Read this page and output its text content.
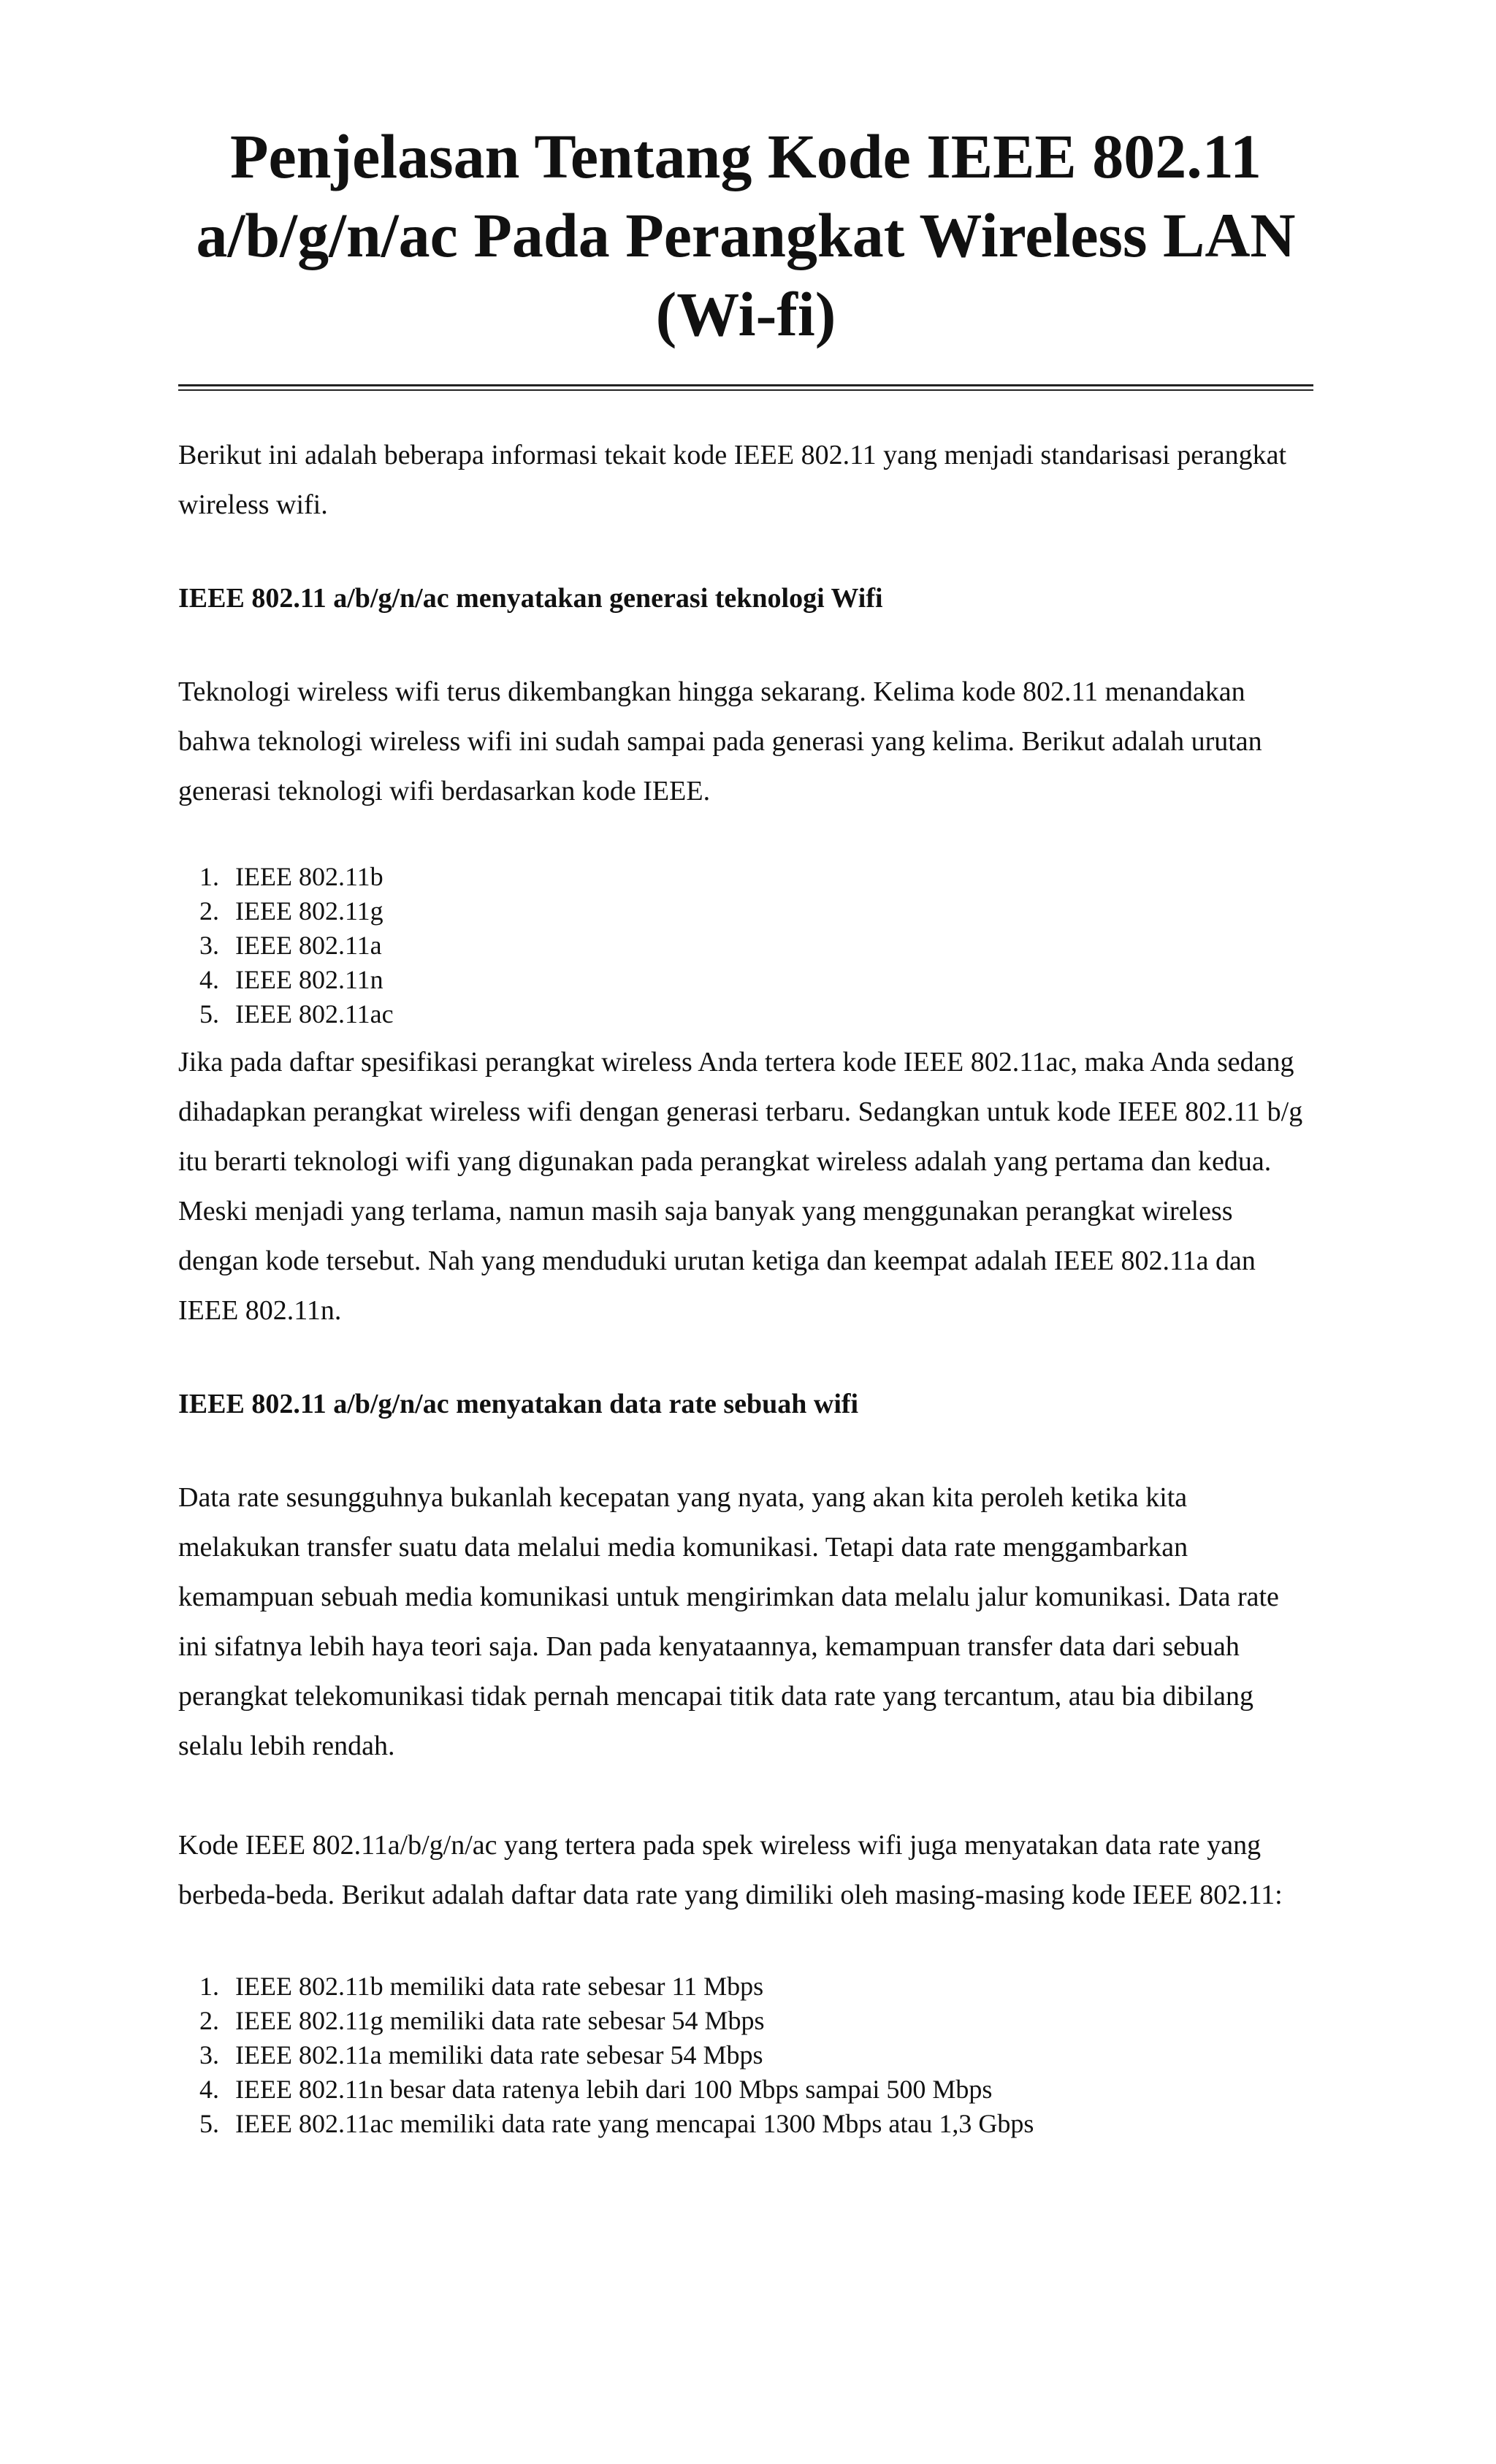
Penjelasan Tentang Kode IEEE 802.11
a/b/g/n/ac Pada Perangkat Wireless LAN
(Wi-fi)

Berikut ini adalah beberapa informasi tekait kode IEEE 802.11 yang menjadi standarisasi perangkat wireless wifi.

IEEE 802.11 a/b/g/n/ac menyatakan generasi teknologi Wifi

Teknologi wireless wifi terus dikembangkan hingga sekarang. Kelima kode 802.11 menandakan bahwa teknologi wireless wifi ini sudah sampai pada generasi yang kelima. Berikut adalah urutan generasi teknologi wifi berdasarkan kode IEEE.

1. IEEE 802.11b
2. IEEE 802.11g
3. IEEE 802.11a
4. IEEE 802.11n
5. IEEE 802.11ac

Jika pada daftar spesifikasi perangkat wireless Anda tertera kode IEEE 802.11ac, maka Anda sedang dihadapkan perangkat wireless wifi dengan generasi terbaru. Sedangkan untuk kode IEEE 802.11 b/g itu berarti teknologi wifi yang digunakan pada perangkat wireless adalah yang pertama dan kedua. Meski menjadi yang terlama, namun masih saja banyak yang menggunakan perangkat wireless dengan kode tersebut. Nah yang menduduki urutan ketiga dan keempat adalah IEEE 802.11a dan IEEE 802.11n.

IEEE 802.11 a/b/g/n/ac menyatakan data rate sebuah wifi

Data rate sesungguhnya bukanlah kecepatan yang nyata, yang akan kita peroleh ketika kita melakukan transfer suatu data melalui media komunikasi. Tetapi data rate menggambarkan kemampuan sebuah media komunikasi untuk mengirimkan data melalu jalur komunikasi. Data rate ini sifatnya lebih haya teori saja. Dan pada kenyataannya, kemampuan transfer data dari sebuah perangkat telekomunikasi tidak pernah mencapai titik data rate yang tercantum, atau bia dibilang selalu lebih rendah.

Kode IEEE 802.11a/b/g/n/ac yang tertera pada spek wireless wifi juga menyatakan data rate yang berbeda-beda. Berikut adalah daftar data rate yang dimiliki oleh masing-masing kode IEEE 802.11:

1. IEEE 802.11b memiliki data rate sebesar 11 Mbps
2. IEEE 802.11g memiliki data rate sebesar 54 Mbps
3. IEEE 802.11a memiliki data rate sebesar 54 Mbps
4. IEEE 802.11n besar data ratenya lebih dari 100 Mbps sampai 500 Mbps
5. IEEE 802.11ac memiliki data rate yang mencapai 1300 Mbps atau 1,3 Gbps
